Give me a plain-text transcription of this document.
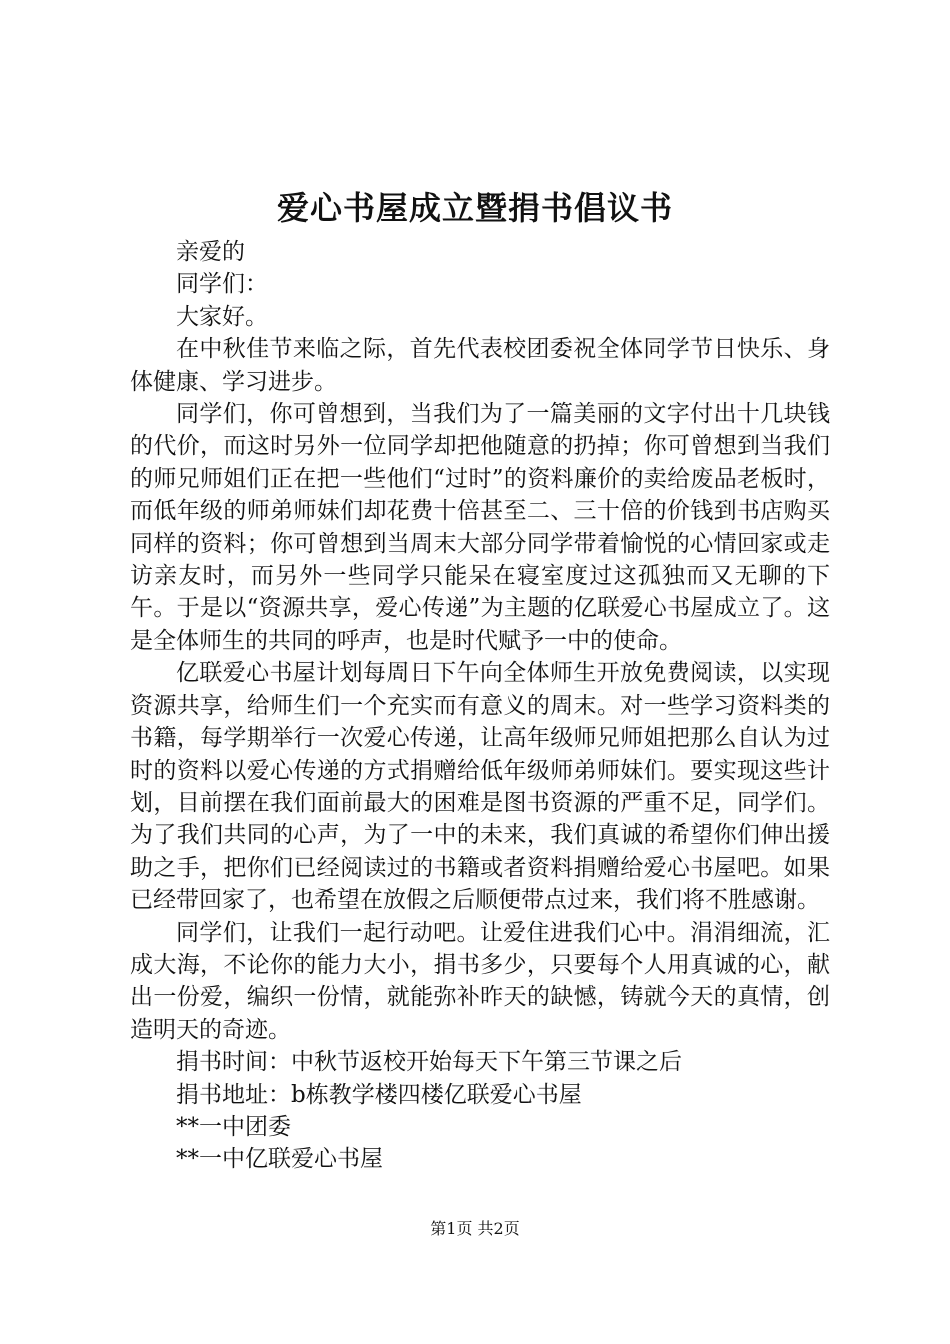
爱心书屋成立暨捐书倡议书

亲爱的

同学们：

大家好。

在中秋佳节来临之际，首先代表校团委祝全体同学节日快乐、身体健康、学习进步。

同学们，你可曾想到，当我们为了一篇美丽的文字付出十几块钱的代价，而这时另外一位同学却把他随意的扔掉；你可曾想到当我们的师兄师姐们正在把一些他们“过时”的资料廉价的卖给废品老板时，而低年级的师弟师妹们却花费十倍甚至二、三十倍的价钱到书店购买同样的资料；你可曾想到当周末大部分同学带着愉悦的心情回家或走访亲友时，而另外一些同学只能呆在寝室度过这孤独而又无聊的下午。于是以“资源共享，爱心传递”为主题的亿联爱心书屋成立了。这是全体师生的共同的呼声，也是时代赋予一中的使命。

亿联爱心书屋计划每周日下午向全体师生开放免费阅读，以实现资源共享，给师生们一个充实而有意义的周末。对一些学习资料类的书籍，每学期举行一次爱心传递，让高年级师兄师姐把那么自认为过时的资料以爱心传递的方式捐赠给低年级师弟师妹们。要实现这些计划，目前摆在我们面前最大的困难是图书资源的严重不足，同学们。为了我们共同的心声，为了一中的未来，我们真诚的希望你们伸出援助之手，把你们已经阅读过的书籍或者资料捐赠给爱心书屋吧。如果已经带回家了，也希望在放假之后顺便带点过来，我们将不胜感谢。

同学们，让我们一起行动吧。让爱住进我们心中。涓涓细流，汇成大海，不论你的能力大小，捐书多少，只要每个人用真诚的心，献出一份爱，编织一份情，就能弥补昨天的缺憾，铸就今天的真情，创造明天的奇迹。

捐书时间：中秋节返校开始每天下午第三节课之后

捐书地址：b栋教学楼四楼亿联爱心书屋

**一中团委

**一中亿联爱心书屋

第1页 共2页
